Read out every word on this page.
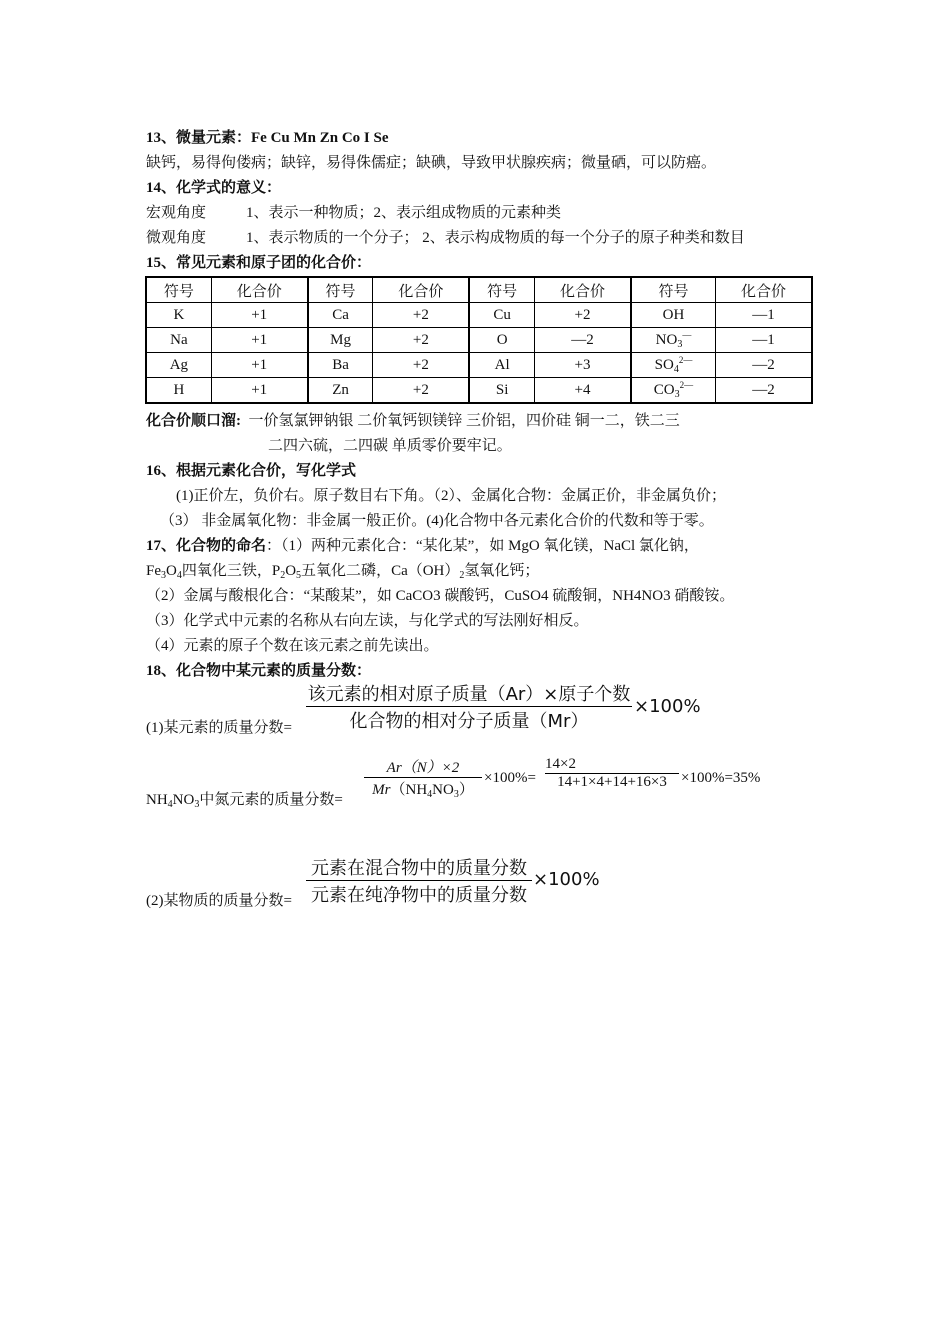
13、微量元素：Fe Cu Mn Zn Co I Se
缺钙，易得佝偻病；缺锌，易得侏儒症；缺碘，导致甲状腺疾病；微量硒，可以防癌。
14、化学式的意义：
宏观角度	1、表示一种物质；2、表示组成物质的元素种类
微观角度	1、表示物质的一个分子； 2、表示构成物质的每一个分子的原子种类和数目
15、常见元素和原子团的化合价：
符号	化合价	符号	化合价	符号	化合价	符号	化合价
K	+1	Ca	+2	Cu	+2	OH	—1
Na	+1	Mg	+2	O	—2	$NO_3^—$	—1
Ag	+1	Ba	+2	Al	+3	$SO_4^{2—}$	—2
H	+1	Zn	+2	Si	+4	$CO_3^{2—}$	—2
化合价顺口溜: 一价氢氯钾钠银 二价氧钙钡镁锌 三价铝，四价硅 铜一二，铁二三
二四六硫，二四碳 单质零价要牢记。
16、根据元素化合价，写化学式
(1)正价左，负价右。原子数目右下角。（2）、金属化合物：金属正价，非金属负价；
（3） 非金属氧化物：非金属一般正价。(4)化合物中各元素化合价的代数和等于零。
17、化合物的命名：（1）两种元素化合：“某化某”，如 MgO 氧化镁，NaCl 氯化钠，
$Fe_3O_4$四氧化三铁，$P_2O_5$五氧化二磷，$Ca(OH)_2$氢氧化钙；
（2）金属与酸根化合：“某酸某”，如 CaCO3 碳酸钙，CuSO4 硫酸铜，NH4NO3 硝酸铵。
（3）化学式中元素的名称从右向左读，与化学式的写法刚好相反。
（4）元素的原子个数在该元素之前先读出。
18、化合物中某元素的质量分数：
(1)某元素的质量分数=
该元素的相对原子质量（Ar）×原子个数
化合物的相对分子质量（Mr）
×100%
$NH_4NO_3$中氮元素的质量分数=
Ar（N）×2
$Mr(NH_4NO_3)$
×100%=
14×2
14+1×4+14+16×3 ×100%=35%
(2)某物质的质量分数=
元素在混合物中的质量分数
元素在纯净物中的质量分数
×100%
